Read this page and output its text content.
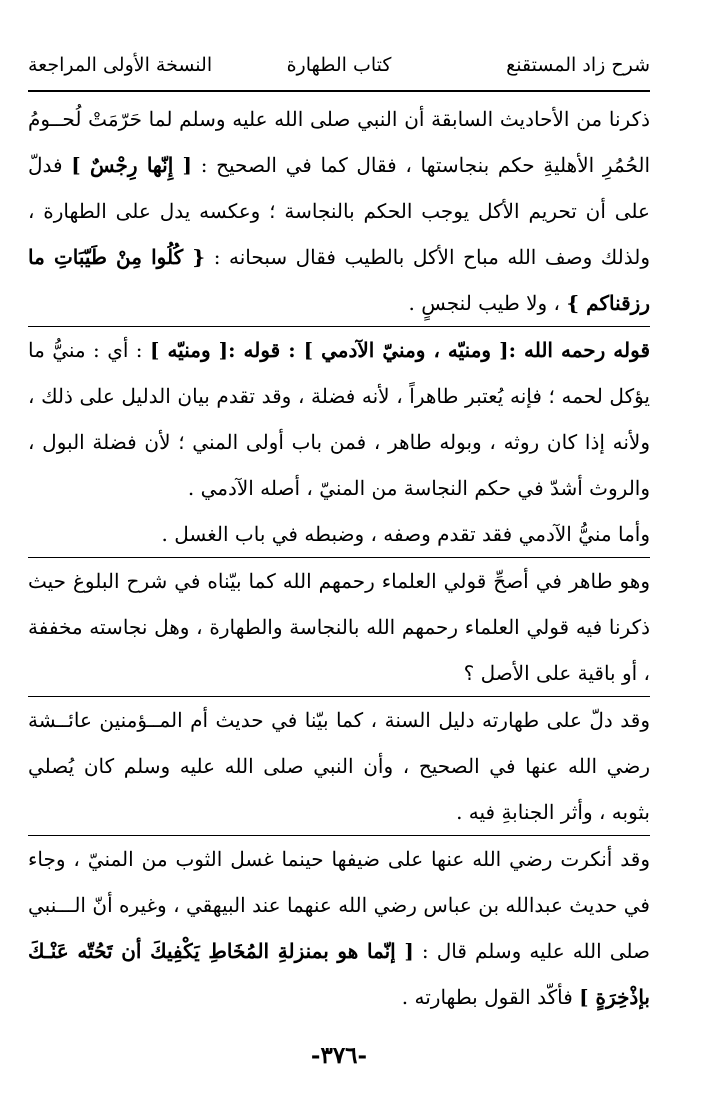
شرح زاد المستقنع
كتاب الطهارة
النسخة الأولى المراجعة

ذكرنا من الأحاديث السابقة أن النبي صلى الله عليه وسلم لما حَرّمَتْ لُحــومُ الحُمُرِ الأهليةِ حكم بنجاستها ، فقال كما في الصحيح : [ إِنّها رِجْسٌ ] فدلّ على أن تحريم الأكل يوجب الحكم بالنجاسة ؛ وعكسه يدل على الطهارة ، ولذلك وصف الله مباح الأكل بالطيب فقال سبحانه : { كُلُوا مِنْ طَيّبَاتِ ما رزقناكم } ، ولا طيب لنجسٍ .

قوله رحمه الله :[ ومنيّه ، ومنيّ الآدمي ] : قوله :[ ومنيّه ] : أي : منيُّ ما يؤكل لحمه ؛ فإنه يُعتبر طاهراً ، لأنه فضلة ، وقد تقدم بيان الدليل على ذلك ، ولأنه إذا كان روثه ، وبوله طاهر ، فمن باب أولى المني ؛ لأن فضلة البول ، والروث أشدّ في حكم النجاسة من المنيّ ، أصله الآدمي .

وأما منيُّ الآدمي فقد تقدم وصفه ، وضبطه في باب الغسل .

وهو طاهر في أصحِّ قولي العلماء رحمهم الله كما بيّناه في شرح البلوغ حيث ذكرنا فيه قولي العلماء رحمهم الله بالنجاسة والطهارة ، وهل نجاسته مخففة ، أو باقية على الأصل ؟

وقد دلّ على طهارته دليل السنة ، كما بيّنا في حديث أم المــؤمنين عائــشة رضي الله عنها في الصحيح ، وأن النبي صلى الله عليه وسلم كان يُصلي بثوبه ، وأثر الجنابةِ فيه .

وقد أنكرت رضي الله عنها على ضيفها حينما غسل الثوب من المنيّ ، وجاء في حديث عبدالله بن عباس رضي الله عنهما عند البيهقي ، وغيره أنّ الـــنبي صلى الله عليه وسلم قال : [ إنّما هو بمنزلةِ المُخَاطِ يَكْفِيكَ أن تَحُتّه عَنْـكَ بإذْخِرَةٍ ] فأكّد القول بطهارته .

-٣٧٦-
